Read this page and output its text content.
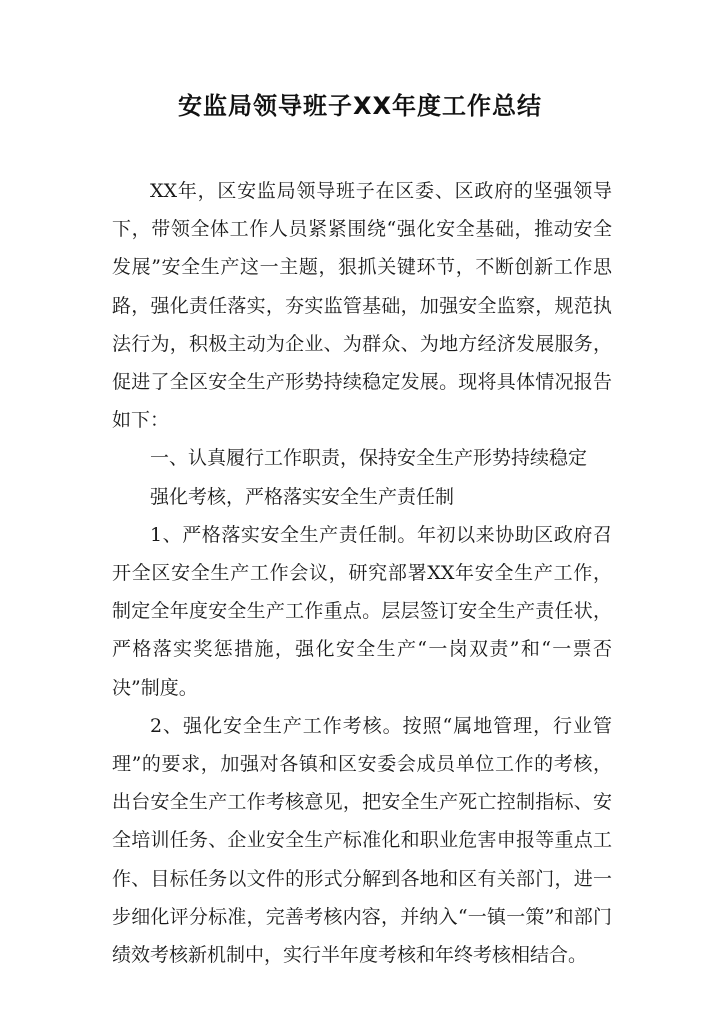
安监局领导班子XX年度工作总结

XX年，区安监局领导班子在区委、区政府的坚强领导下，带领全体工作人员紧紧围绕“强化安全基础，推动安全发展”安全生产这一主题，狠抓关键环节，不断创新工作思路，强化责任落实，夯实监管基础，加强安全监察，规范执法行为，积极主动为企业、为群众、为地方经济发展服务，促进了全区安全生产形势持续稳定发展。现将具体情况报告如下：

一、认真履行工作职责，保持安全生产形势持续稳定

强化考核，严格落实安全生产责任制

1、严格落实安全生产责任制。年初以来协助区政府召开全区安全生产工作会议，研究部署XX年安全生产工作，制定全年度安全生产工作重点。层层签订安全生产责任状，严格落实奖惩措施，强化安全生产“一岗双责”和“一票否决”制度。

2、强化安全生产工作考核。按照“属地管理，行业管理”的要求，加强对各镇和区安委会成员单位工作的考核，出台安全生产工作考核意见，把安全生产死亡控制指标、安全培训任务、企业安全生产标准化和职业危害申报等重点工作、目标任务以文件的形式分解到各地和区有关部门，进一步细化评分标准，完善考核内容，并纳入“一镇一策”和部门绩效考核新机制中，实行半年度考核和年终考核相结合。
